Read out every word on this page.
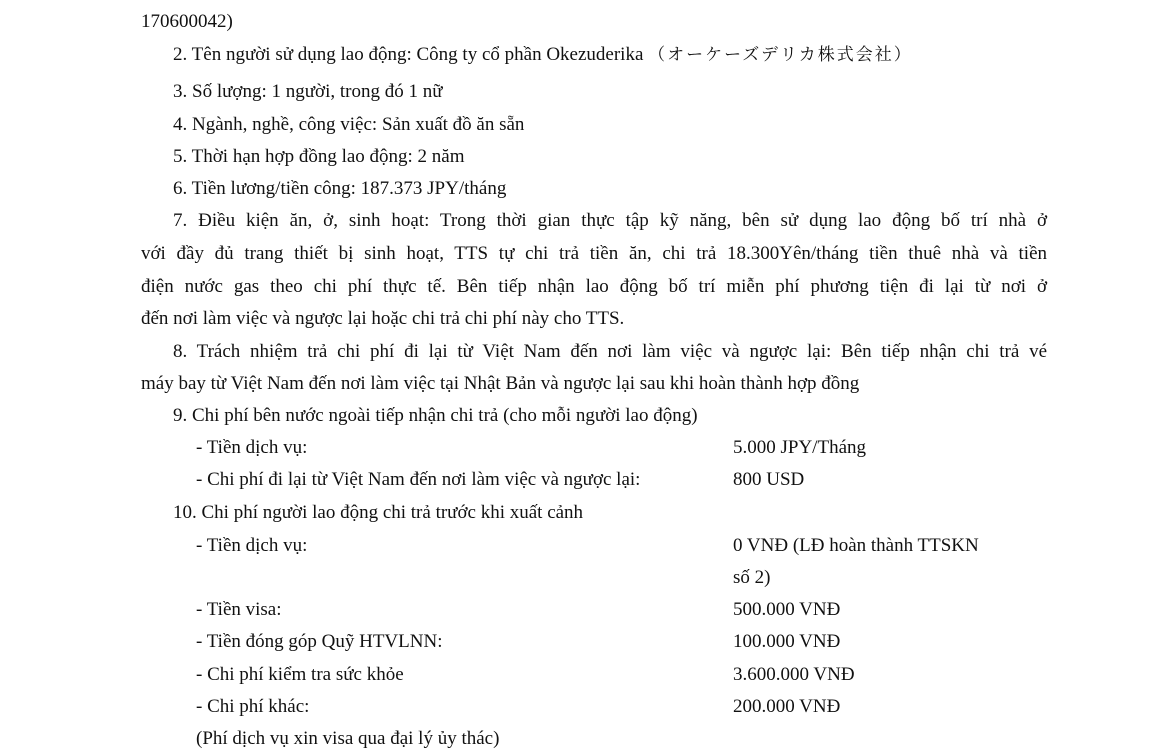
170600042)
2. Tên người sử dụng lao động: Công ty cổ phần Okezuderika （オーケーズデリカ株式会社）
3. Số lượng: 1 người, trong đó 1 nữ
4. Ngành, nghề, công việc: Sản xuất đồ ăn sẵn
5. Thời hạn hợp đồng lao động: 2 năm
6. Tiền lương/tiền công: 187.373 JPY/tháng
7. Điều kiện ăn, ở, sinh hoạt: Trong thời gian thực tập kỹ năng, bên sử dụng lao động bố trí nhà ở
với đầy đủ trang thiết bị sinh hoạt, TTS tự chi trả tiền ăn, chi trả 18.300Yên/tháng tiền thuê nhà và tiền
điện nước gas theo chi phí thực tế. Bên tiếp nhận lao động bố trí miễn phí phương tiện đi lại từ nơi ở
đến nơi làm việc và ngược lại hoặc chi trả chi phí này cho TTS.
8. Trách nhiệm trả chi phí đi lại từ Việt Nam đến nơi làm việc và ngược lại: Bên tiếp nhận chi trả vé
máy bay từ Việt Nam đến nơi làm việc tại Nhật Bản và ngược lại sau khi hoàn thành hợp đồng
9. Chi phí bên nước ngoài tiếp nhận chi trả (cho mỗi người lao động)
- Tiền dịch vụ:	5.000 JPY/Tháng
- Chi phí đi lại từ Việt Nam đến nơi làm việc và ngược lại:	800 USD
10. Chi phí người lao động chi trả trước khi xuất cảnh
- Tiền dịch vụ:	0 VNĐ (LĐ hoàn thành TTSKN
số 2)
- Tiền visa:	500.000 VNĐ
- Tiền đóng góp Quỹ HTVLNN:	100.000 VNĐ
- Chi phí kiểm tra sức khỏe	3.600.000 VNĐ
- Chi phí khác:	200.000 VNĐ
(Phí dịch vụ xin visa qua đại lý ủy thác)
